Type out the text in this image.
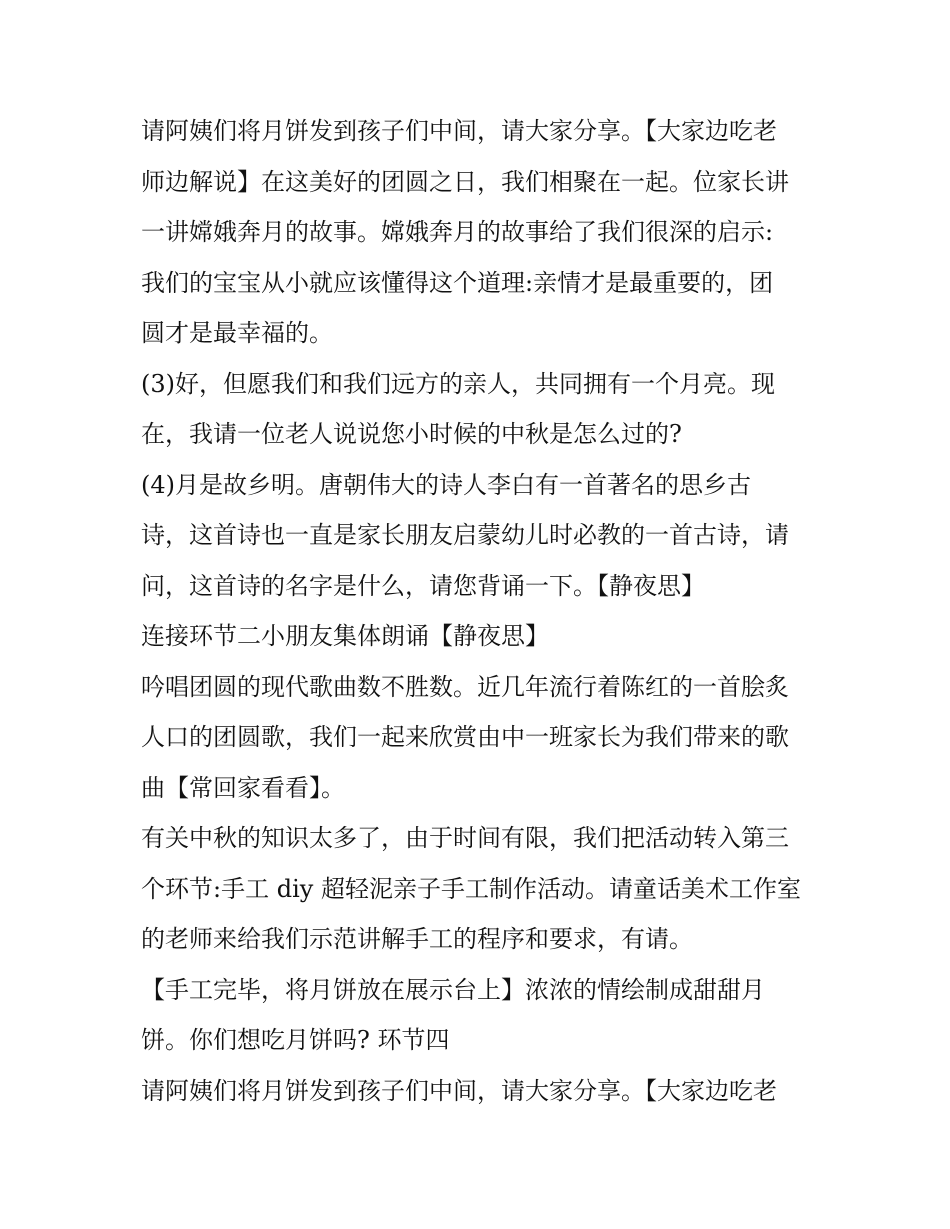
请阿姨们将月饼发到孩子们中间，请大家分享。【大家边吃老
师边解说】在这美好的团圆之日，我们相聚在一起。位家长讲
一讲嫦娥奔月的故事。嫦娥奔月的故事给了我们很深的启示:
我们的宝宝从小就应该懂得这个道理:亲情才是最重要的，团
圆才是最幸福的。
(3)好，但愿我们和我们远方的亲人，共同拥有一个月亮。现
在，我请一位老人说说您小时候的中秋是怎么过的?
(4)月是故乡明。唐朝伟大的诗人李白有一首著名的思乡古
诗，这首诗也一直是家长朋友启蒙幼儿时必教的一首古诗，请
问，这首诗的名字是什么，请您背诵一下。【静夜思】
连接环节二小朋友集体朗诵【静夜思】
吟唱团圆的现代歌曲数不胜数。近几年流行着陈红的一首脍炙
人口的团圆歌，我们一起来欣赏由中一班家长为我们带来的歌
曲【常回家看看】。
有关中秋的知识太多了，由于时间有限，我们把活动转入第三
个环节:手工 diy 超轻泥亲子手工制作活动。请童话美术工作室
的老师来给我们示范讲解手工的程序和要求，有请。
【手工完毕，将月饼放在展示台上】浓浓的情绘制成甜甜月
饼。你们想吃月饼吗? 环节四
请阿姨们将月饼发到孩子们中间，请大家分享。【大家边吃老
